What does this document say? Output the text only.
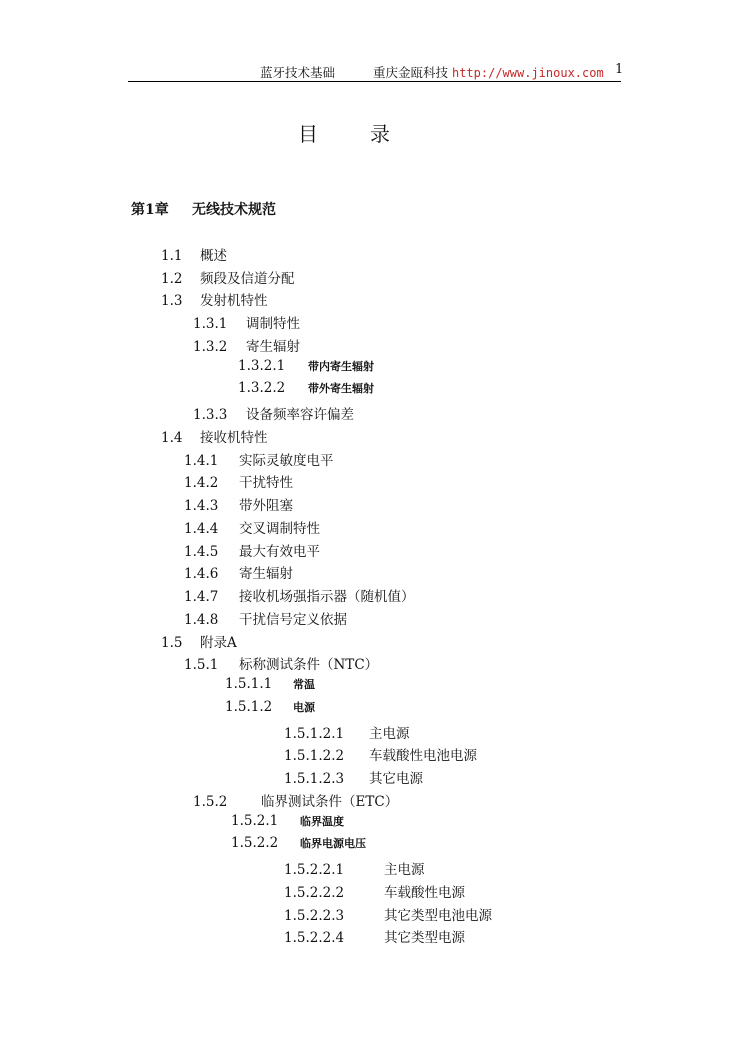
蓝牙技术基础	重庆金瓯科技 http://www.jinoux.com 1
目	录
第1章 无线技术规范
1.1 概述
1.2 频段及信道分配
1.3 发射机特性
1.3.1 调制特性
1.3.2 寄生辐射
1.3.2.1 带内寄生辐射
1.3.2.2 带外寄生辐射
1.3.3 设备频率容许偏差
1.4 接收机特性
1.4.1 实际灵敏度电平
1.4.2 干扰特性
1.4.3 带外阻塞
1.4.4 交叉调制特性
1.4.5 最大有效电平
1.4.6 寄生辐射
1.4.7 接收机场强指示器（随机值）
1.4.8 干扰信号定义依据
1.5 附录A
1.5.1 标称测试条件（NTC）
1.5.1.1 常温
1.5.1.2 电源
1.5.1.2.1 主电源
1.5.1.2.2 车载酸性电池电源
1.5.1.2.3 其它电源
1.5.2 临界测试条件（ETC）
1.5.2.1 临界温度
1.5.2.2 临界电源电压
1.5.2.2.1	主电源
1.5.2.2.2	车载酸性电源
1.5.2.2.3	其它类型电池电源
1.5.2.2.4	其它类型电源
